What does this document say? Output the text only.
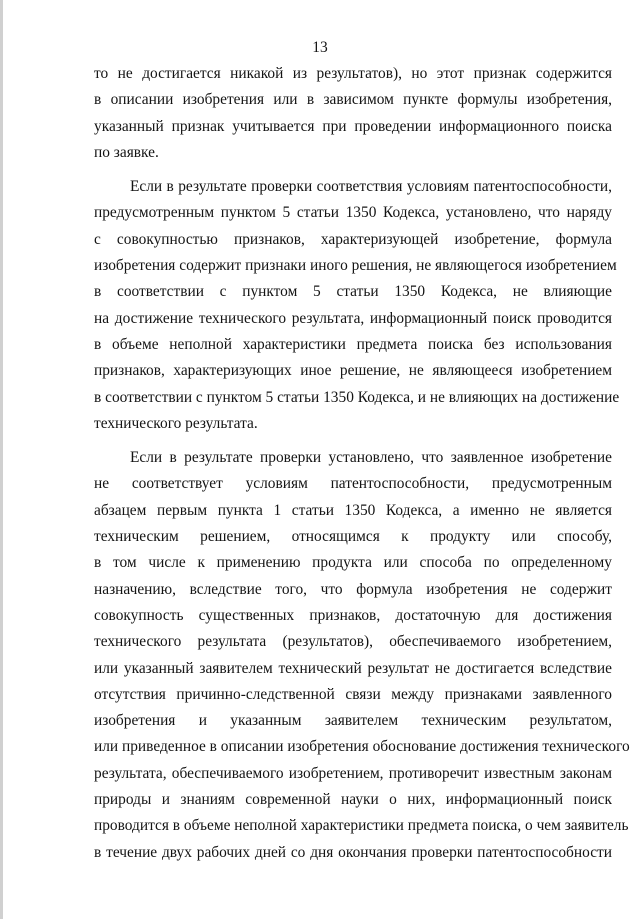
13
то не достигается никакой из результатов), но этот признак содержится
в описании изобретения или в зависимом пункте формулы изобретения,
указанный признак учитывается при проведении информационного поиска
по заявке.
Если в результате проверки соответствия условиям патентоспособности,
предусмотренным пунктом 5 статьи 1350 Кодекса, установлено, что наряду
с совокупностью признаков, характеризующей изобретение, формула
изобретения содержит признаки иного решения, не являющегося изобретением
в соответствии с пунктом 5 статьи 1350 Кодекса, не влияющие
на достижение технического результата, информационный поиск проводится
в объеме неполной характеристики предмета поиска без использования
признаков, характеризующих иное решение, не являющееся изобретением
в соответствии с пунктом 5 статьи 1350 Кодекса, и не влияющих на достижение
технического результата.
Если в результате проверки установлено, что заявленное изобретение
не соответствует условиям патентоспособности, предусмотренным
абзацем первым пункта 1 статьи 1350 Кодекса, а именно не является
техническим решением, относящимся к продукту или способу,
в том числе к применению продукта или способа по определенному
назначению, вследствие того, что формула изобретения не содержит
совокупность существенных признаков, достаточную для достижения
технического результата (результатов), обеспечиваемого изобретением,
или указанный заявителем технический результат не достигается вследствие
отсутствия причинно-следственной связи между признаками заявленного
изобретения и указанным заявителем техническим результатом,
или приведенное в описании изобретения обоснование достижения технического
результата, обеспечиваемого изобретением, противоречит известным законам
природы и знаниям современной науки о них, информационный поиск
проводится в объеме неполной характеристики предмета поиска, о чем заявитель
в течение двух рабочих дней со дня окончания проверки патентоспособности
